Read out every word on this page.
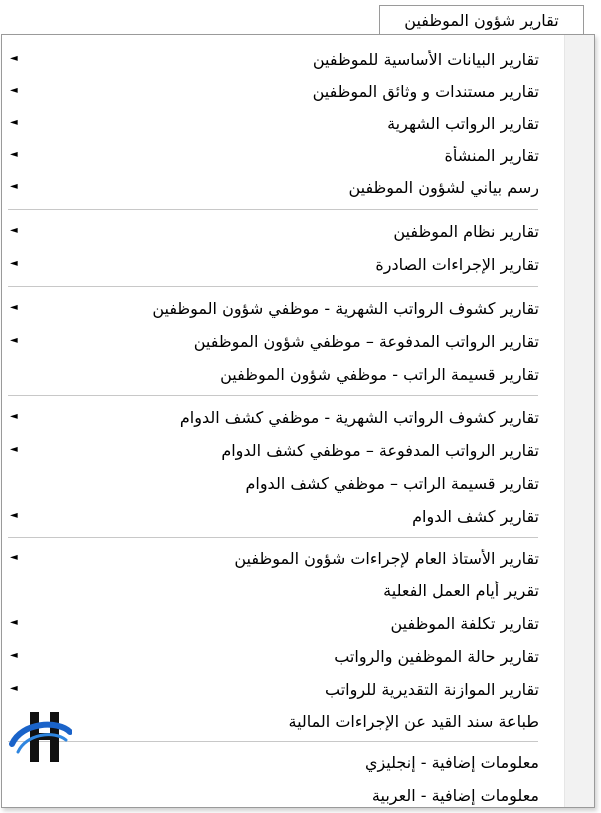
تقارير شؤون الموظفين
◄	تقارير البيانات الأساسية للموظفين
◄	تقارير مستندات و وثائق الموظفين
◄	تقارير الرواتب الشهرية
◄	تقارير المنشأة
◄	رسم بياني لشؤون الموظفين
◄	تقارير نظام الموظفين
◄	تقارير الإجراءات الصادرة
◄	تقارير كشوف الرواتب الشهرية - موظفي شؤون الموظفين
◄	تقارير الرواتب المدفوعة – موظفي شؤون الموظفين
تقارير قسيمة الراتب - موظفي شؤون الموظفين
◄	تقارير كشوف الرواتب الشهرية - موظفي كشف الدوام
◄	تقارير الرواتب المدفوعة – موظفي كشف الدوام
تقارير قسيمة الراتب – موظفي كشف الدوام
◄	تقارير كشف الدوام
◄	تقارير الأستاذ العام لإجراءات شؤون الموظفين
تقرير أيام العمل الفعلية
◄	تقارير تكلفة الموظفين
◄	تقارير حالة الموظفين والرواتب
◄	تقارير الموازنة التقديرية للرواتب
طباعة سند القيد عن الإجراءات المالية
معلومات إضافية - إنجليزي
معلومات إضافية - العربية
